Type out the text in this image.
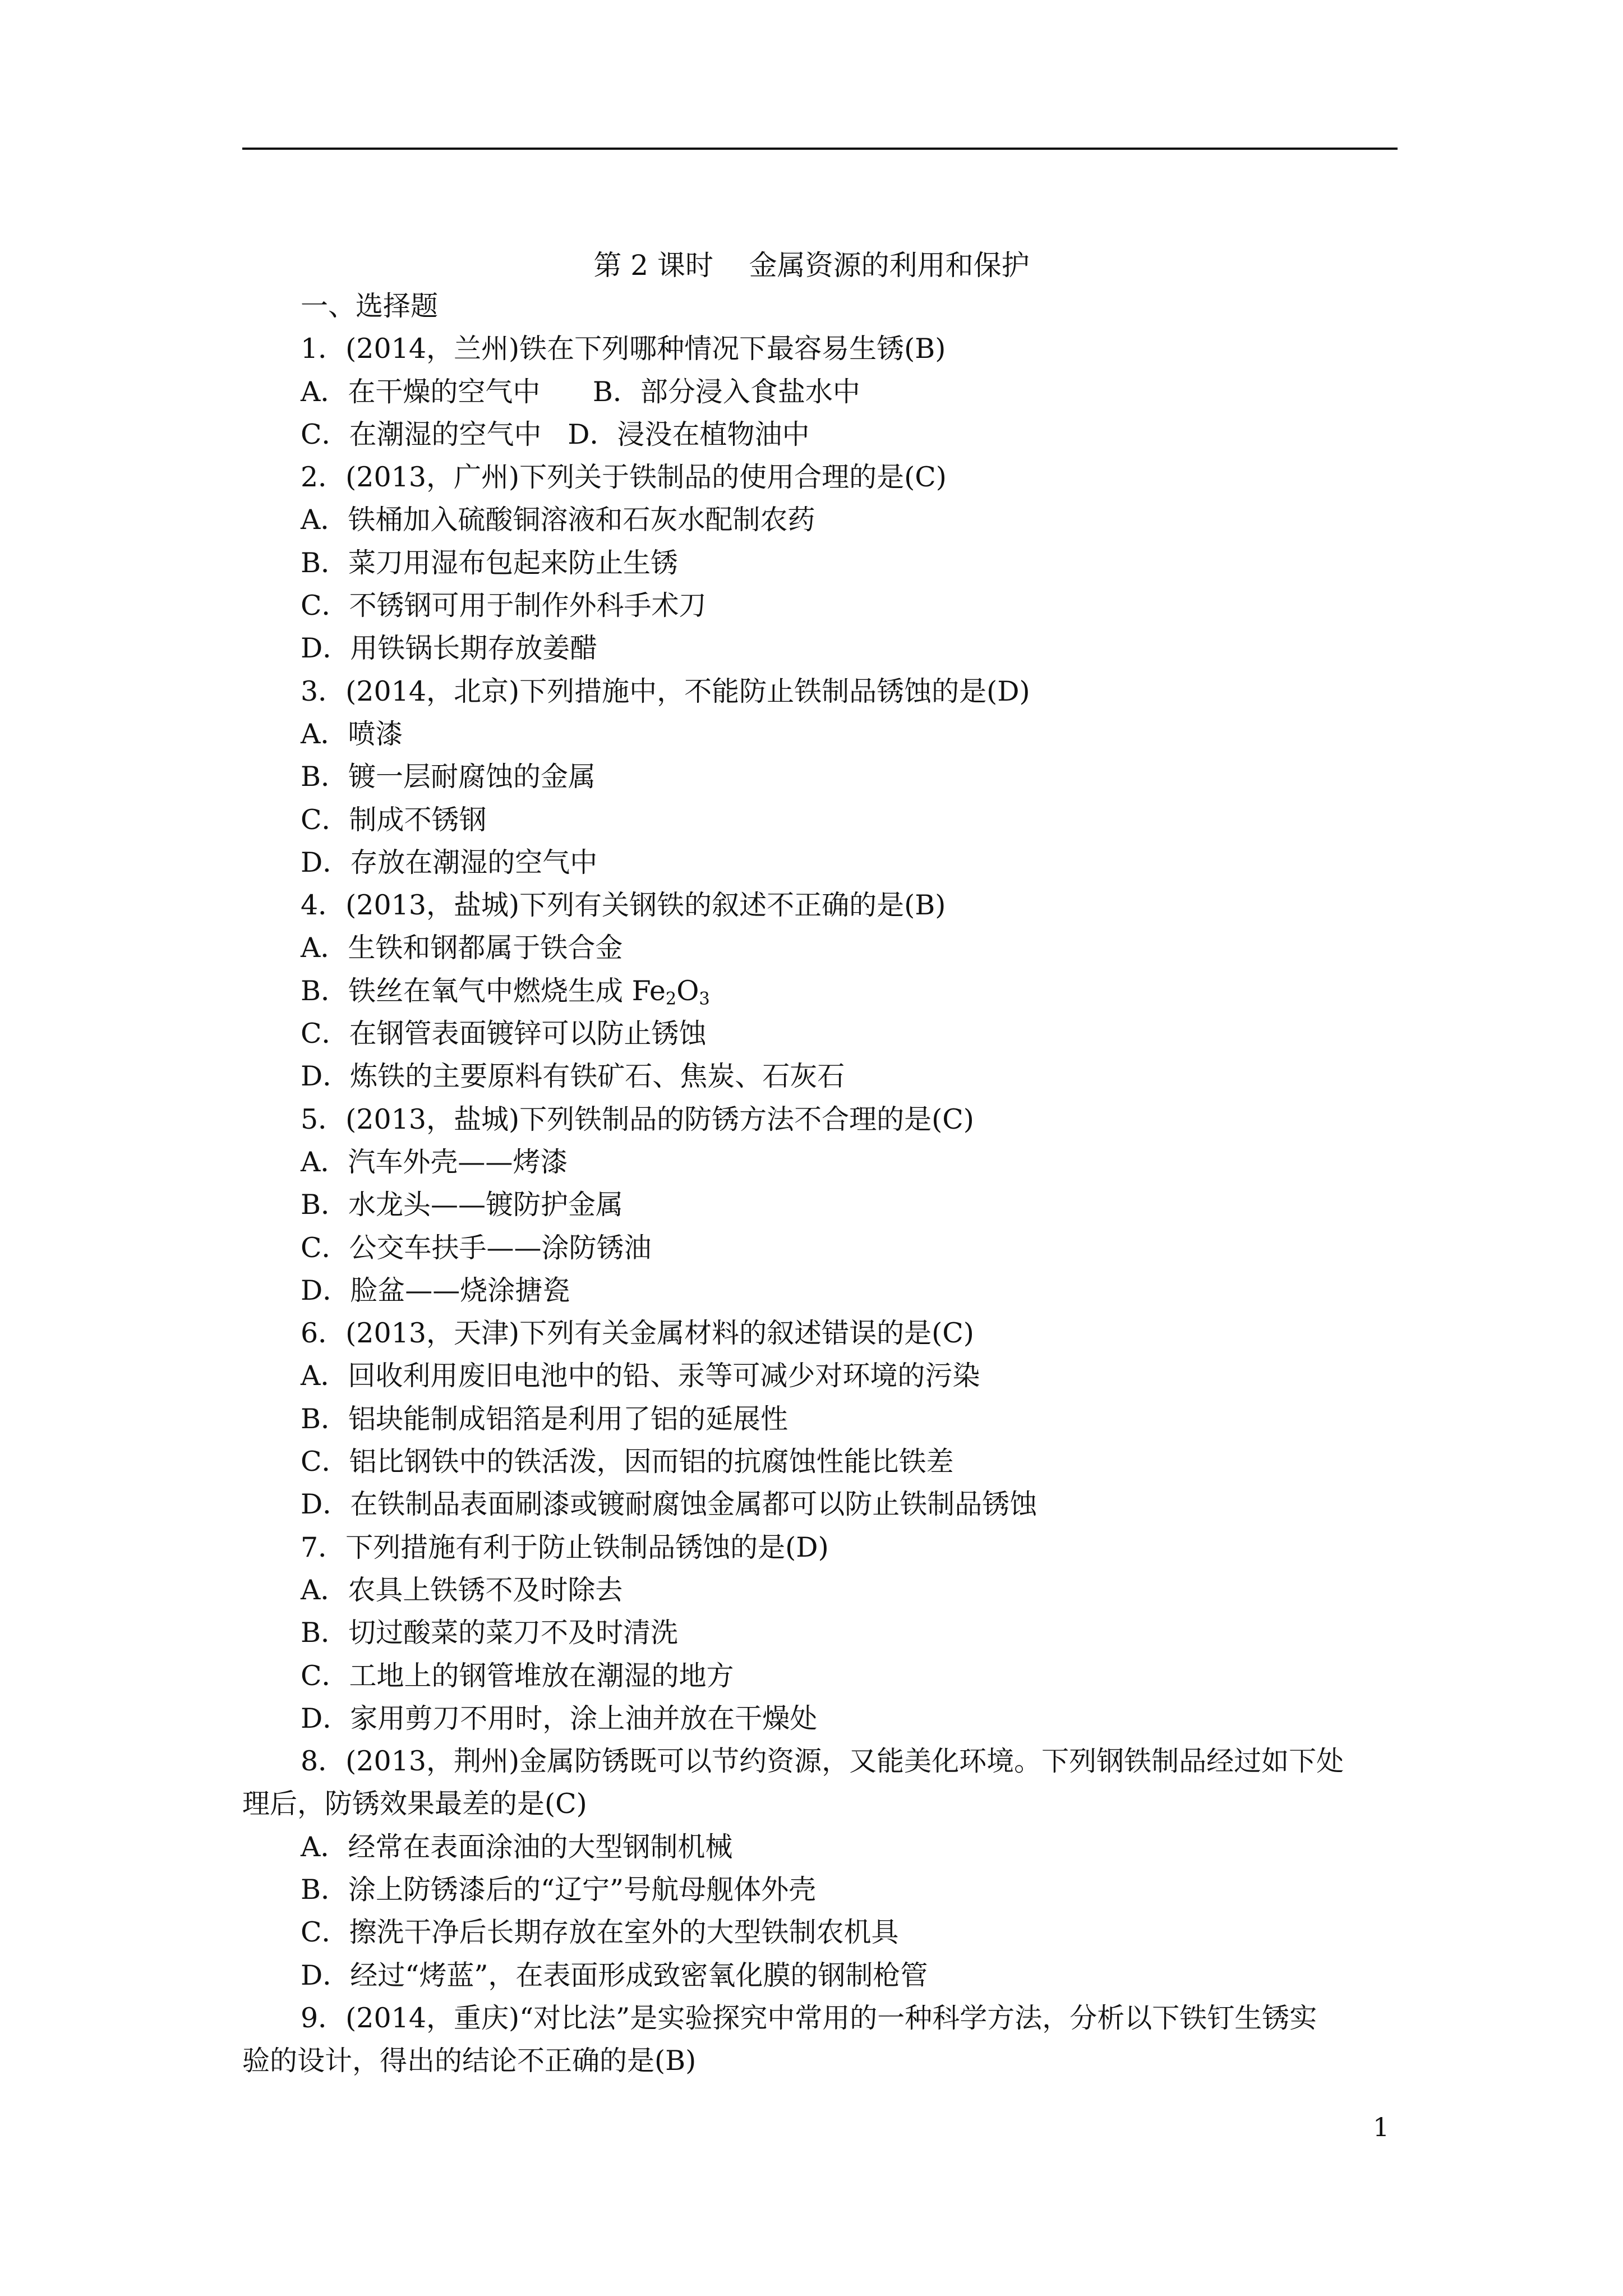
第 2 课时    金属资源的利用和保护
一、选择题
1．(2014，兰州)铁在下列哪种情况下最容易生锈(B)
A．在干燥的空气中      B．部分浸入食盐水中
C．在潮湿的空气中   D．浸没在植物油中
2．(2013，广州)下列关于铁制品的使用合理的是(C)
A．铁桶加入硫酸铜溶液和石灰水配制农药
B．菜刀用湿布包起来防止生锈
C．不锈钢可用于制作外科手术刀
D．用铁锅长期存放姜醋
3．(2014，北京)下列措施中，不能防止铁制品锈蚀的是(D)
A．喷漆
B．镀一层耐腐蚀的金属
C．制成不锈钢
D．存放在潮湿的空气中
4．(2013，盐城)下列有关钢铁的叙述不正确的是(B)
A．生铁和钢都属于铁合金
B．铁丝在氧气中燃烧生成 $Fe_2O_3$
C．在钢管表面镀锌可以防止锈蚀
D．炼铁的主要原料有铁矿石、焦炭、石灰石
5．(2013，盐城)下列铁制品的防锈方法不合理的是(C)
A．汽车外壳——烤漆
B．水龙头——镀防护金属
C．公交车扶手——涂防锈油
D．脸盆——烧涂搪瓷
6．(2013，天津)下列有关金属材料的叙述错误的是(C)
A．回收利用废旧电池中的铅、汞等可减少对环境的污染
B．铝块能制成铝箔是利用了铝的延展性
C．铝比钢铁中的铁活泼，因而铝的抗腐蚀性能比铁差
D．在铁制品表面刷漆或镀耐腐蚀金属都可以防止铁制品锈蚀
7．下列措施有利于防止铁制品锈蚀的是(D)
A．农具上铁锈不及时除去
B．切过酸菜的菜刀不及时清洗
C．工地上的钢管堆放在潮湿的地方
D．家用剪刀不用时，涂上油并放在干燥处
8．(2013，荆州)金属防锈既可以节约资源，又能美化环境。下列钢铁制品经过如下处
理后，防锈效果最差的是(C)
A．经常在表面涂油的大型钢制机械
B．涂上防锈漆后的“辽宁”号航母舰体外壳
C．擦洗干净后长期存放在室外的大型铁制农机具
D．经过“烤蓝”，在表面形成致密氧化膜的钢制枪管
9．(2014，重庆)“对比法”是实验探究中常用的一种科学方法，分析以下铁钉生锈实
验的设计，得出的结论不正确的是(B)
1
